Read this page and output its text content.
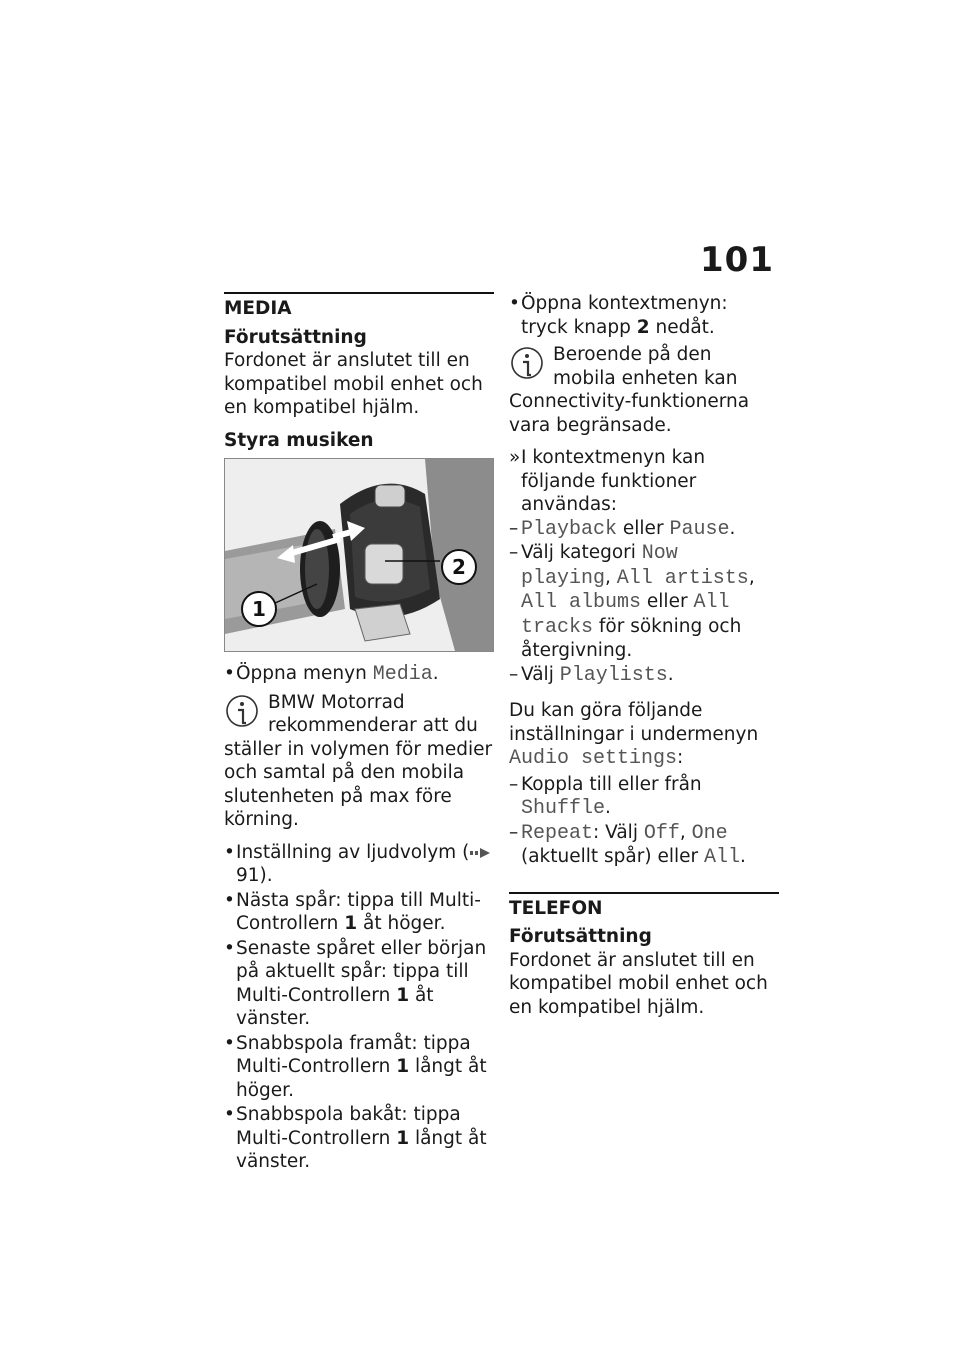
101
MEDIA
Förutsättning

Fordonet är anslutet till en kompatibel mobil enhet och en kompatibel hjälm.

Styra musiken
1
2
• Öppna menyn Media.
BMW Motorrad rekommenderar att du ställer in volymen för medier och samtal på den mobila slutenheten på max före körning.
• Inställning av ljudvolym ( 91).
• Nästa spår: tippa till Multi-Controllern 1 åt höger.
• Senaste spåret eller början på aktuellt spår: tippa till Multi-Controllern 1 åt vänster.
• Snabbspola framåt: tippa Multi-Controllern 1 långt åt höger.
• Snabbspola bakåt: tippa Multi-Controllern 1 långt åt vänster.
• Öppna kontextmenyn: tryck knapp 2 nedåt.
Beroende på den mobila enheten kan Connectivity-funktionerna vara begränsade.
» I kontextmenyn kan följande funktioner användas:
– Playback eller Pause.
– Välj kategori Now playing, All artists, All albums eller All tracks för sökning och återgivning.
– Välj Playlists.

Du kan göra följande inställningar i undermenyn Audio settings:

– Koppla till eller från Shuffle.
– Repeat: Välj Off, One (aktuellt spår) eller All.
TELEFON
Förutsättning

Fordonet är anslutet till en kompatibel mobil enhet och en kompatibel hjälm.
